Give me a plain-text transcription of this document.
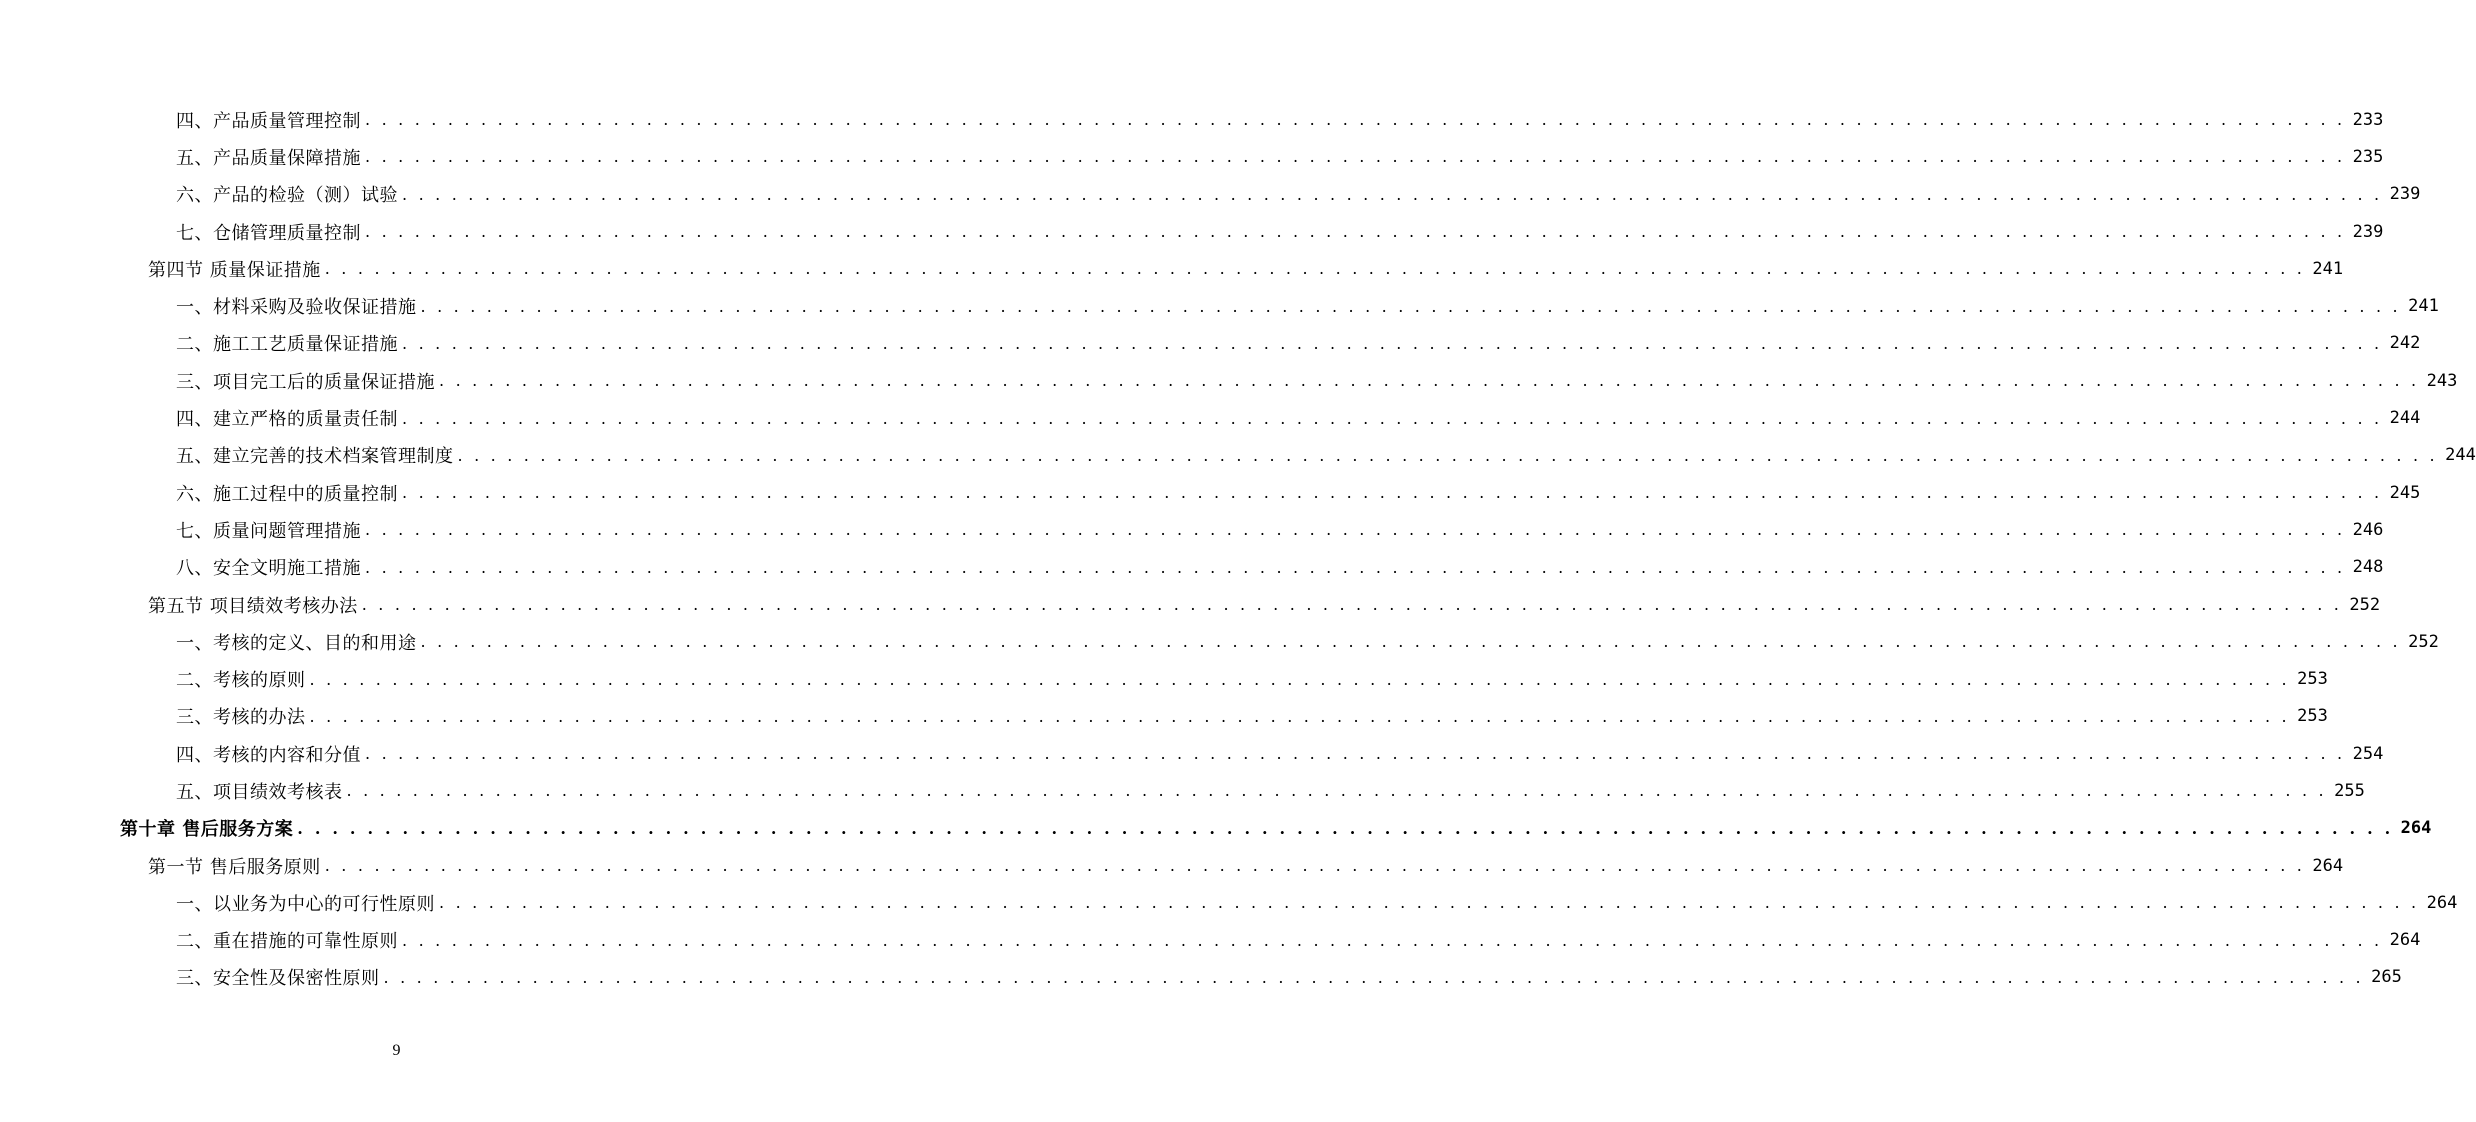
四、产品质量管理控制 . . . . . . . . . . . . . . . . . . . . . . . . . . . . . . . . . . . . . . . . . . . . . . . . . . . . . . . . . . . . . . . . . . . . . . . . . . . . . . . . . . . . . . . . . . . . . . . . . . . . . . . . . . . . . . . . . . . . . . . . 233
五、产品质量保障措施 . . . . . . . . . . . . . . . . . . . . . . . . . . . . . . . . . . . . . . . . . . . . . . . . . . . . . . . . . . . . . . . . . . . . . . . . . . . . . . . . . . . . . . . . . . . . . . . . . . . . . . . . . . . . . . . . . . . . . . . . 235
六、产品的检验（测）试验 . . . . . . . . . . . . . . . . . . . . . . . . . . . . . . . . . . . . . . . . . . . . . . . . . . . . . . . . . . . . . . . . . . . . . . . . . . . . . . . . . . . . . . . . . . . . . . . . . . . . . . . . . . . . . . . . . . . . . . . . 239
七、仓储管理质量控制 . . . . . . . . . . . . . . . . . . . . . . . . . . . . . . . . . . . . . . . . . . . . . . . . . . . . . . . . . . . . . . . . . . . . . . . . . . . . . . . . . . . . . . . . . . . . . . . . . . . . . . . . . . . . . . . . . . . . . . . . 239
第四节 质量保证措施 . . . . . . . . . . . . . . . . . . . . . . . . . . . . . . . . . . . . . . . . . . . . . . . . . . . . . . . . . . . . . . . . . . . . . . . . . . . . . . . . . . . . . . . . . . . . . . . . . . . . . . . . . . . . . . . . . . . . . . . . 241
一、材料采购及验收保证措施 . . . . . . . . . . . . . . . . . . . . . . . . . . . . . . . . . . . . . . . . . . . . . . . . . . . . . . . . . . . . . . . . . . . . . . . . . . . . . . . . . . . . . . . . . . . . . . . . . . . . . . . . . . . . . . . . . . . . . . . . 241
二、施工工艺质量保证措施 . . . . . . . . . . . . . . . . . . . . . . . . . . . . . . . . . . . . . . . . . . . . . . . . . . . . . . . . . . . . . . . . . . . . . . . . . . . . . . . . . . . . . . . . . . . . . . . . . . . . . . . . . . . . . . . . . . . . . . . . 242
三、项目完工后的质量保证措施 . . . . . . . . . . . . . . . . . . . . . . . . . . . . . . . . . . . . . . . . . . . . . . . . . . . . . . . . . . . . . . . . . . . . . . . . . . . . . . . . . . . . . . . . . . . . . . . . . . . . . . . . . . . . . . . . . . . . . . . . 243
四、建立严格的质量责任制 . . . . . . . . . . . . . . . . . . . . . . . . . . . . . . . . . . . . . . . . . . . . . . . . . . . . . . . . . . . . . . . . . . . . . . . . . . . . . . . . . . . . . . . . . . . . . . . . . . . . . . . . . . . . . . . . . . . . . . . . 244
五、建立完善的技术档案管理制度 . . . . . . . . . . . . . . . . . . . . . . . . . . . . . . . . . . . . . . . . . . . . . . . . . . . . . . . . . . . . . . . . . . . . . . . . . . . . . . . . . . . . . . . . . . . . . . . . . . . . . . . . . . . . . . . . . . . . . . . . 244
六、施工过程中的质量控制 . . . . . . . . . . . . . . . . . . . . . . . . . . . . . . . . . . . . . . . . . . . . . . . . . . . . . . . . . . . . . . . . . . . . . . . . . . . . . . . . . . . . . . . . . . . . . . . . . . . . . . . . . . . . . . . . . . . . . . . . 245
七、质量问题管理措施 . . . . . . . . . . . . . . . . . . . . . . . . . . . . . . . . . . . . . . . . . . . . . . . . . . . . . . . . . . . . . . . . . . . . . . . . . . . . . . . . . . . . . . . . . . . . . . . . . . . . . . . . . . . . . . . . . . . . . . . . 246
八、安全文明施工措施 . . . . . . . . . . . . . . . . . . . . . . . . . . . . . . . . . . . . . . . . . . . . . . . . . . . . . . . . . . . . . . . . . . . . . . . . . . . . . . . . . . . . . . . . . . . . . . . . . . . . . . . . . . . . . . . . . . . . . . . . 248
第五节 项目绩效考核办法 . . . . . . . . . . . . . . . . . . . . . . . . . . . . . . . . . . . . . . . . . . . . . . . . . . . . . . . . . . . . . . . . . . . . . . . . . . . . . . . . . . . . . . . . . . . . . . . . . . . . . . . . . . . . . . . . . . . . . . . . 252
一、考核的定义、目的和用途 . . . . . . . . . . . . . . . . . . . . . . . . . . . . . . . . . . . . . . . . . . . . . . . . . . . . . . . . . . . . . . . . . . . . . . . . . . . . . . . . . . . . . . . . . . . . . . . . . . . . . . . . . . . . . . . . . . . . . . . . 252
二、考核的原则 . . . . . . . . . . . . . . . . . . . . . . . . . . . . . . . . . . . . . . . . . . . . . . . . . . . . . . . . . . . . . . . . . . . . . . . . . . . . . . . . . . . . . . . . . . . . . . . . . . . . . . . . . . . . . . . . . . . . . . . . 253
三、考核的办法 . . . . . . . . . . . . . . . . . . . . . . . . . . . . . . . . . . . . . . . . . . . . . . . . . . . . . . . . . . . . . . . . . . . . . . . . . . . . . . . . . . . . . . . . . . . . . . . . . . . . . . . . . . . . . . . . . . . . . . . . 253
四、考核的内容和分值 . . . . . . . . . . . . . . . . . . . . . . . . . . . . . . . . . . . . . . . . . . . . . . . . . . . . . . . . . . . . . . . . . . . . . . . . . . . . . . . . . . . . . . . . . . . . . . . . . . . . . . . . . . . . . . . . . . . . . . . . 254
五、项目绩效考核表 . . . . . . . . . . . . . . . . . . . . . . . . . . . . . . . . . . . . . . . . . . . . . . . . . . . . . . . . . . . . . . . . . . . . . . . . . . . . . . . . . . . . . . . . . . . . . . . . . . . . . . . . . . . . . . . . . . . . . . . . 255
第十章 售后服务方案 . . . . . . . . . . . . . . . . . . . . . . . . . . . . . . . . . . . . . . . . . . . . . . . . . . . . . . . . . . . . . . . . . . . . . . . . . . . . . . . . . . . . . . . . . . . . . . . . . . . . . . . . . . . . . . . . . . . . . . . . 264
第一节 售后服务原则 . . . . . . . . . . . . . . . . . . . . . . . . . . . . . . . . . . . . . . . . . . . . . . . . . . . . . . . . . . . . . . . . . . . . . . . . . . . . . . . . . . . . . . . . . . . . . . . . . . . . . . . . . . . . . . . . . . . . . . . . 264
一、以业务为中心的可行性原则 . . . . . . . . . . . . . . . . . . . . . . . . . . . . . . . . . . . . . . . . . . . . . . . . . . . . . . . . . . . . . . . . . . . . . . . . . . . . . . . . . . . . . . . . . . . . . . . . . . . . . . . . . . . . . . . . . . . . . . . . 264
二、重在措施的可靠性原则 . . . . . . . . . . . . . . . . . . . . . . . . . . . . . . . . . . . . . . . . . . . . . . . . . . . . . . . . . . . . . . . . . . . . . . . . . . . . . . . . . . . . . . . . . . . . . . . . . . . . . . . . . . . . . . . . . . . . . . . . 264
三、安全性及保密性原则 . . . . . . . . . . . . . . . . . . . . . . . . . . . . . . . . . . . . . . . . . . . . . . . . . . . . . . . . . . . . . . . . . . . . . . . . . . . . . . . . . . . . . . . . . . . . . . . . . . . . . . . . . . . . . . . . . . . . . . . . 265
9
